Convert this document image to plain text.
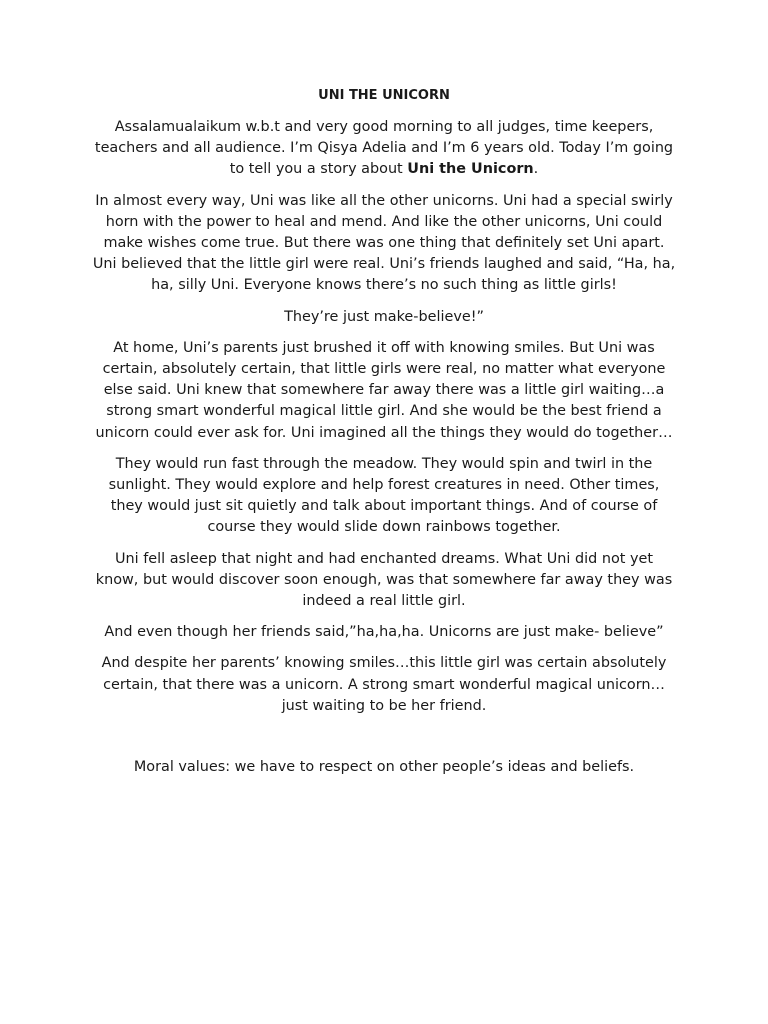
UNI THE UNICORN

Assalamualaikum w.b.t and very good morning to all judges, time keepers, teachers and all audience. I’m Qisya Adelia and I’m 6 years old. Today I’m going to tell you a story about Uni the Unicorn.

In almost every way, Uni was like all the other unicorns. Uni had a special swirly horn with the power to heal and mend. And like the other unicorns, Uni could make wishes come true. But there was one thing that definitely set Uni apart. Uni believed that the little girl were real. Uni’s friends laughed and said, “Ha, ha, ha, silly Uni. Everyone knows there’s no such thing as little girls!

They’re just make-believe!”

At home, Uni’s parents just brushed it off with knowing smiles. But Uni was certain, absolutely certain, that little girls were real, no matter what everyone else said. Uni knew that somewhere far away there was a little girl waiting…a strong smart wonderful magical little girl. And she would be the best friend a unicorn could ever ask for. Uni imagined all the things they would do together…

They would run fast through the meadow. They would spin and twirl in the sunlight. They would explore and help forest creatures in need. Other times, they would just sit quietly and talk about important things. And of course of course they would slide down rainbows together.

Uni fell asleep that night and had enchanted dreams. What Uni did not yet know, but would discover soon enough, was that somewhere far away they was indeed a real little girl.

And even though her friends said,”ha,ha,ha. Unicorns are just make- believe”

And despite her parents’ knowing smiles…this little girl was certain absolutely certain, that there was a unicorn. A strong smart wonderful magical unicorn…just waiting to be her friend.

Moral values: we have to respect on other people’s ideas and beliefs.
